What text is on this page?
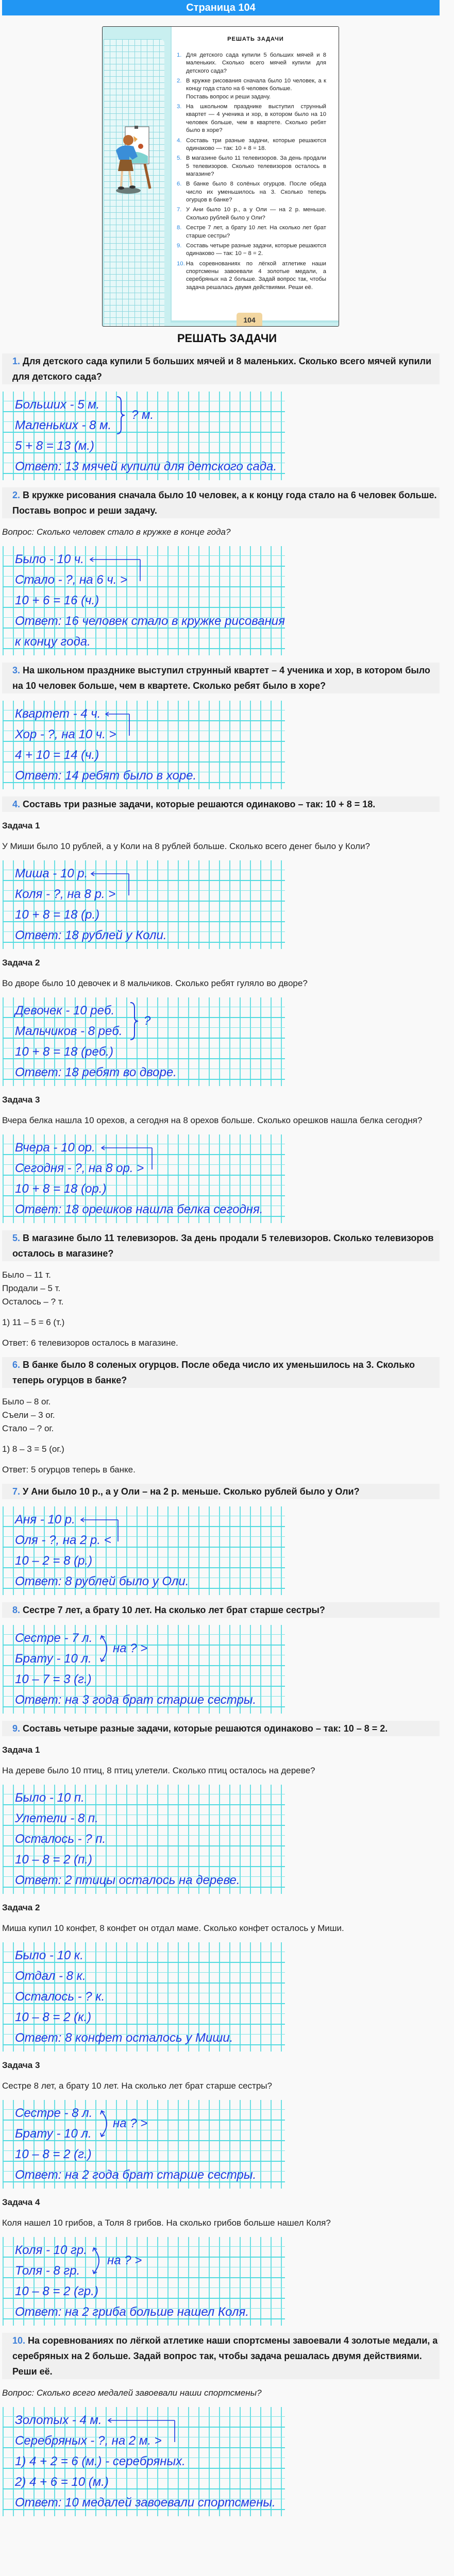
Страница 104
РЕШАТЬ ЗАДАЧИ
1. Для детского сада купили 5 больших мячей и 8 маленьких. Сколько всего мячей купили для детского сада?
2. В кружке рисования сначала было 10 человек, а к концу года стало на 6 человек больше.
Поставь вопрос и реши задачу.
3. На школьном празднике выступил струнный квартет — 4 ученика и хор, в котором было на 10 человек больше, чем в квартете. Сколько ребят было в хоре?
4. Составь три разные задачи, которые решаются одинаково — так: 10 + 8 = 18.
5. В магазине было 11 телевизоров. За день продали 5 телевизоров. Сколько телевизоров осталось в магазине?
6. В банке было 8 солёных огурцов. После обеда число их уменьшилось на 3. Сколько теперь огурцов в банке?
7. У Ани было 10 р., а у Оли — на 2 р. меньше. Сколько рублей было у Оли?
8. Сестре 7 лет, а брату 10 лет. На сколько лет брат старше сестры?
9. Составь четыре разные задачи, которые решаются одинаково — так: 10 − 8 = 2.
10. На соревнованиях по лёгкой атлетике наши спортсмены завоевали 4 золотые медали, а серебряных на 2 больше. Задай вопрос так, чтобы задача решалась двумя действиями. Реши её.
104
РЕШАТЬ ЗАДАЧИ
1. Для детского сада купили 5 больших мячей и 8 маленьких. Сколько всего мячей купили для детского сада?
? м.
Больших - 5 м.
Маленьких - 8 м.
5 + 8 = 13 (м.)
Ответ: 13 мячей купили для детского сада.
2. В кружке рисования сначала было 10 человек, а к концу года стало на 6 человек больше. Поставь вопрос и реши задачу.
Вопрос: Сколько человек стало в кружке в конце года?
Было - 10 ч.
Стало - ?, на 6 ч. >
10 + 6 = 16 (ч.)
Ответ: 16 человек стало в кружке рисования
к концу года.
3. На школьном празднике выступил струнный квартет – 4 ученика и хор, в котором было на 10 человек больше, чем в квартете. Сколько ребят было в хоре?
Квартет - 4 ч.
Хор - ?, на 10 ч. >
4 + 10 = 14 (ч.)
Ответ: 14 ребят было в хоре.
4. Составь три разные задачи, которые решаются одинаково – так: 10 + 8 = 18.
Задача 1
У Миши было 10 рублей, а у Коли на 8 рублей больше. Сколько всего денег было у Коли?
Миша - 10 р.
Коля - ?, на 8 р. >
10 + 8 = 18 (р.)
Ответ: 18 рублей у Коли.
Задача 2
Во дворе было 10 девочек и 8 мальчиков. Сколько ребят гуляло во дворе?
?
Девочек - 10 реб.
Мальчиков - 8 реб.
10 + 8 = 18 (реб.)
Ответ: 18 ребят во дворе.
Задача 3
Вчера белка нашла 10 орехов, а сегодня на 8 орехов больше. Сколько орешков нашла белка сегодня?
Вчера - 10 ор.
Сегодня - ?, на 8 ор. >
10 + 8 = 18 (ор.)
Ответ: 18 орешков нашла белка сегодня.
5. В магазине было 11 телевизоров. За день продали 5 телевизоров. Сколько телевизоров осталось в магазине?
Было – 11 т.
Продали – 5 т.
Осталось – ? т.
1) 11 – 5 = 6 (т.)
Ответ: 6 телевизоров осталось в магазине.
6. В банке было 8 соленых огурцов. После обеда число их уменьшилось на 3. Сколько теперь огурцов в банке?
Было – 8 ог.
Съели – 3 ог.
Стало – ? ог.
1) 8 – 3 = 5 (ог.)
Ответ: 5 огурцов теперь в банке.
7. У Ани было 10 р., а у Оли – на 2 р. меньше. Сколько рублей было у Оли?
Аня - 10 р.
Оля - ?, на 2 р. <
10 – 2 = 8 (р.)
Ответ: 8 рублей было у Оли.
8. Сестре 7 лет, а брату 10 лет. На сколько лет брат старше сестры?
на ? >
Сестре - 7 л.
Брату - 10 л.
10 – 7 = 3 (г.)
Ответ: на 3 года брат старше сестры.
9. Составь четыре разные задачи, которые решаются одинаково – так: 10 – 8 = 2.
Задача 1
На дереве было 10 птиц, 8 птиц улетели. Сколько птиц осталось на дереве?
Было - 10 п.
Улетели - 8 п.
Осталось - ? п.
10 – 8 = 2 (п.)
Ответ: 2 птицы осталось на дереве.
Задача 2
Миша купил 10 конфет, 8 конфет он отдал маме. Сколько конфет осталось у Миши.
Было - 10 к.
Отдал - 8 к.
Осталось - ? к.
10 – 8 = 2 (к.)
Ответ: 8 конфет осталось у Миши.
Задача 3
Сестре 8 лет, а брату 10 лет. На сколько лет брат старше сестры?
на ? >
Сестре - 8 л.
Брату - 10 л.
10 – 8 = 2 (г.)
Ответ: на 2 года брат старше сестры.
Задача 4
Коля нашел 10 грибов, а Толя 8 грибов. На сколько грибов больше нашел Коля?
на ? >
Коля - 10 гр.
Толя - 8 гр.
10 – 8 = 2 (гр.)
Ответ: на 2 гриба больше нашел Коля.
10. На соревнованиях по лёгкой атлетике наши спортсмены завоевали 4 золотые медали, а серебряных на 2 больше. Задай вопрос так, чтобы задача решалась двумя действиями. Реши её.
Вопрос: Сколько всего медалей завоевали наши спортсмены?
Золотых - 4 м.
Серебряных - ?, на 2 м. >
1) 4 + 2 = 6 (м.) - серебряных.
2) 4 + 6 = 10 (м.)
Ответ: 10 медалей завоевали спортсмены.
